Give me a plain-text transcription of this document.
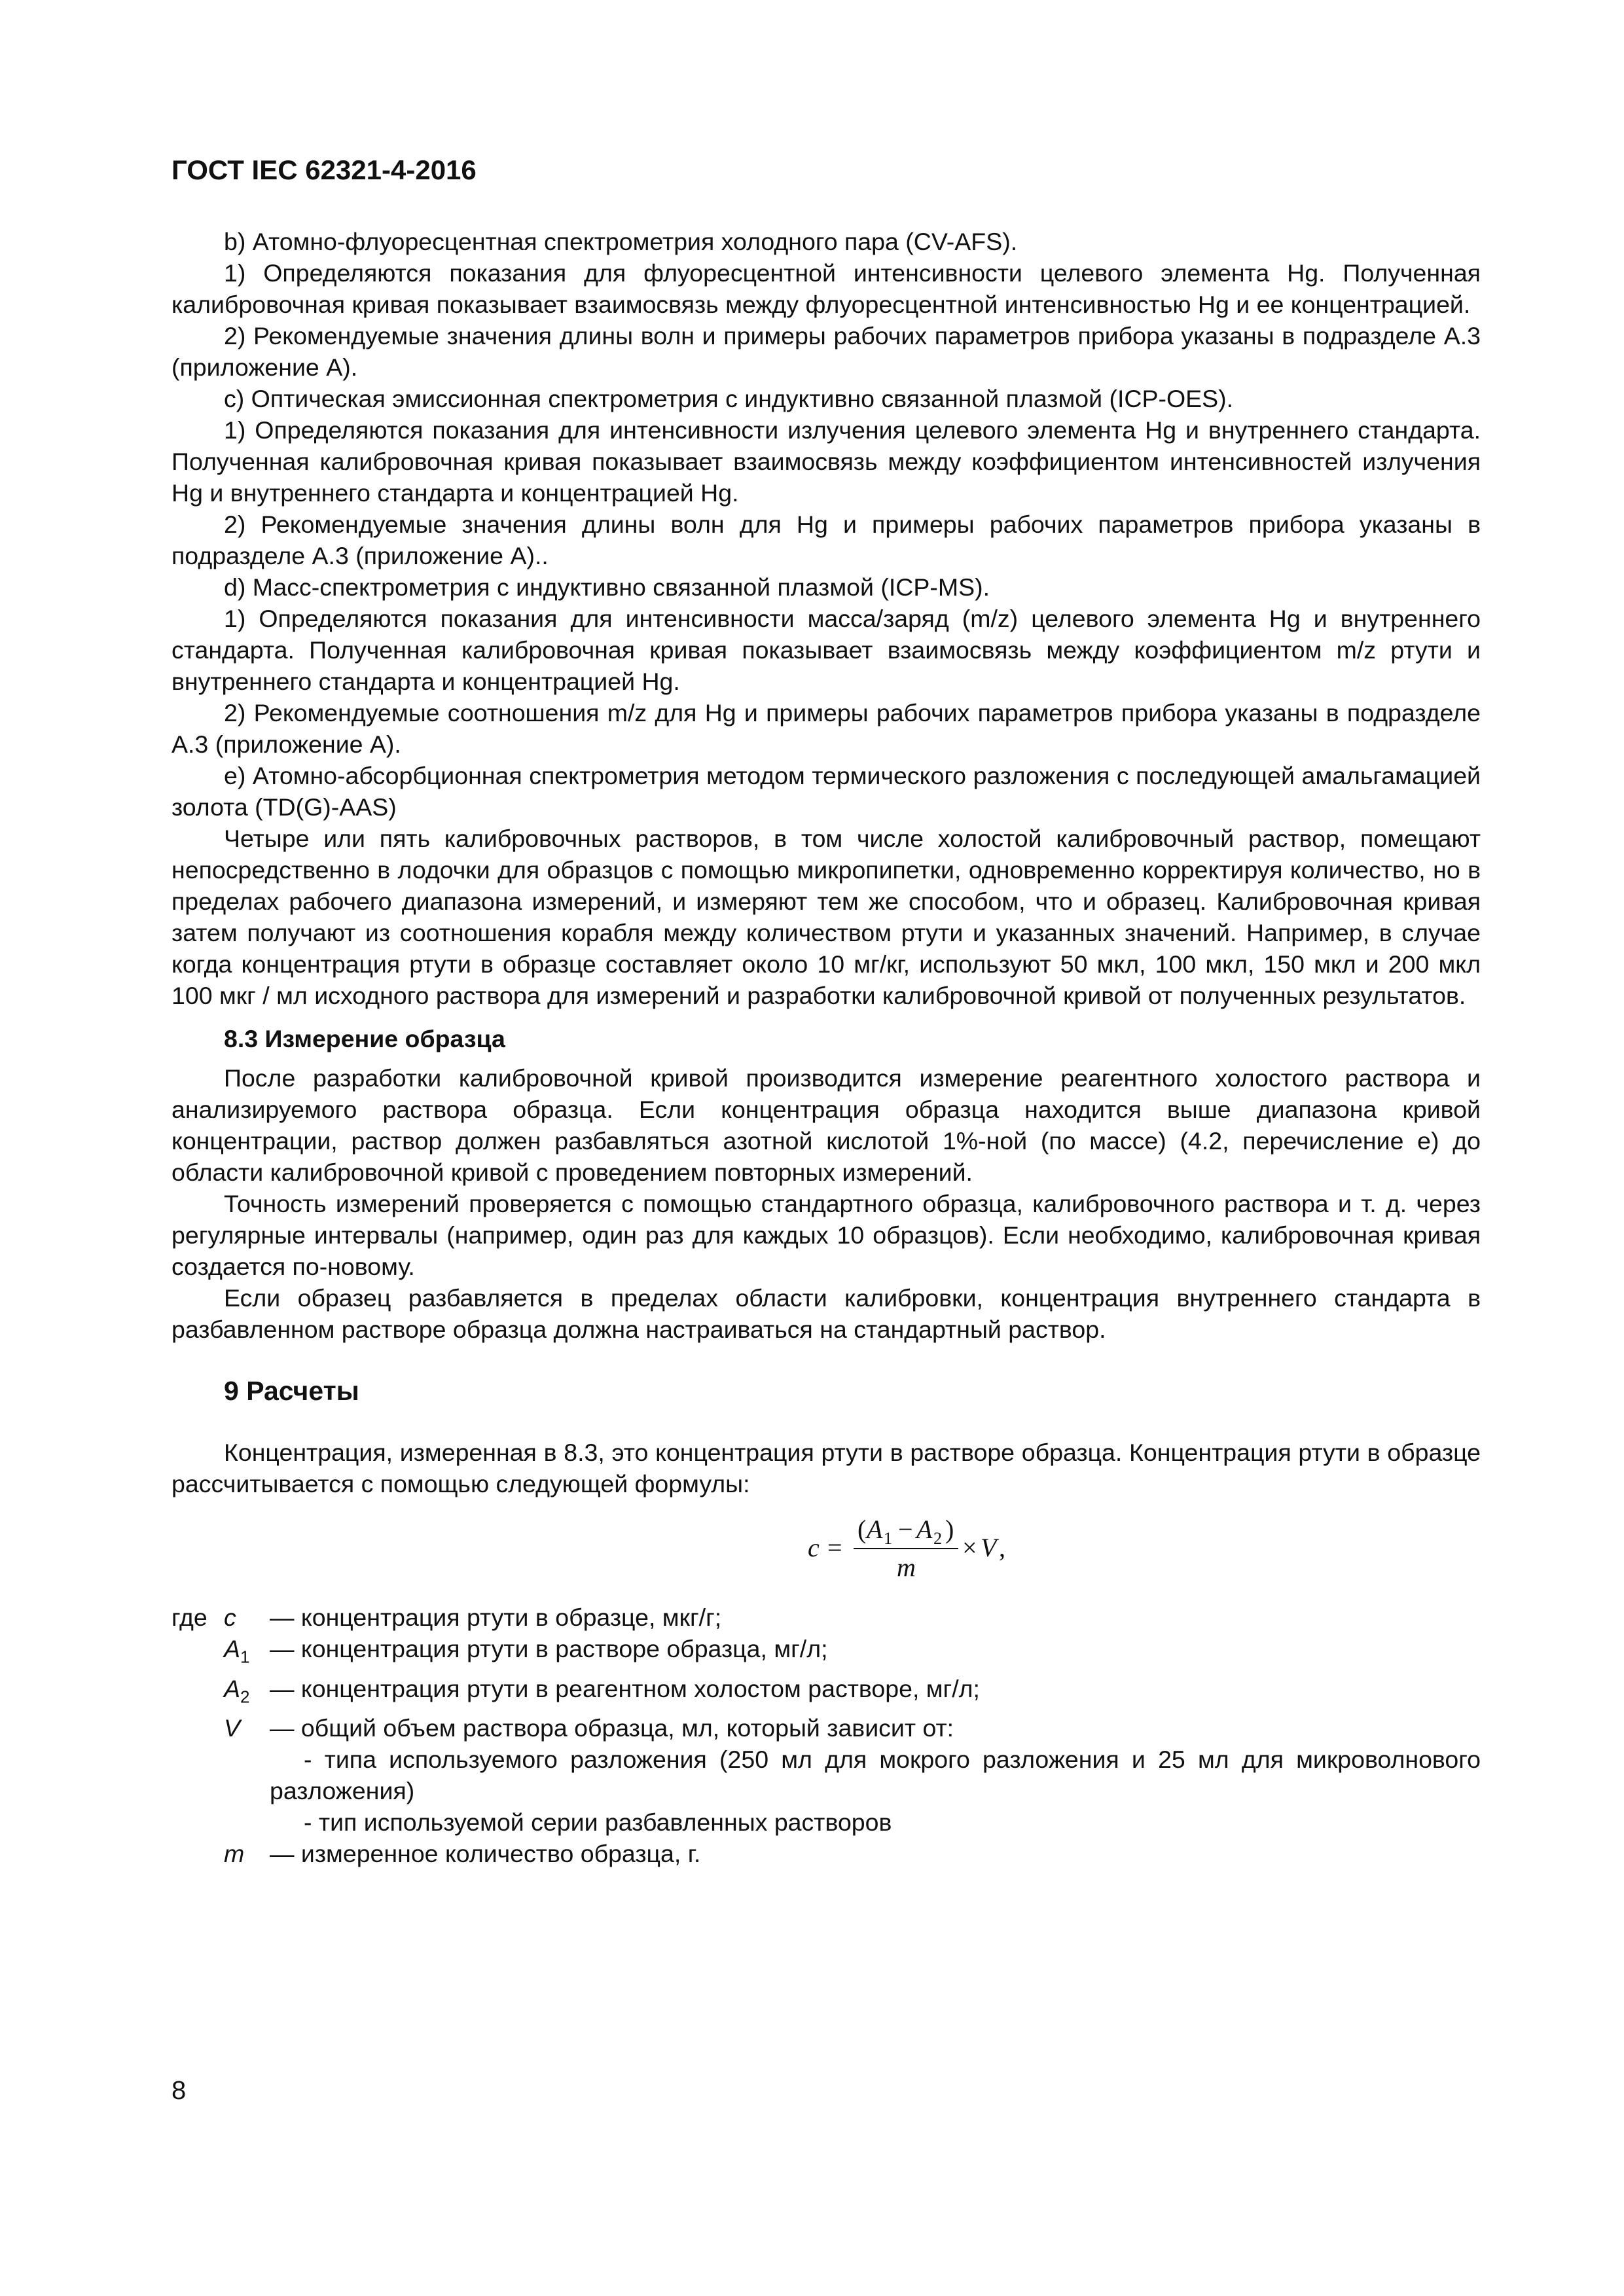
ГОСТ IEC 62321-4-2016

b) Атомно-флуоресцентная спектрометрия холодного пара (CV-AFS).

1) Определяются показания для флуоресцентной интенсивности целевого элемента Hg. Полученная калибровочная кривая показывает взаимосвязь между флуоресцентной интенсивностью Hg и ее концентрацией.

2) Рекомендуемые значения длины волн и примеры рабочих параметров прибора указаны в подразделе A.3 (приложение A).

c) Оптическая эмиссионная спектрометрия с индуктивно связанной плазмой (ICP-OES).

1) Определяются показания для интенсивности излучения целевого элемента Hg и внутреннего стандарта. Полученная калибровочная кривая показывает взаимосвязь между коэффициентом интенсивностей излучения Hg и внутреннего стандарта и концентрацией Hg.

2) Рекомендуемые значения длины волн для Hg и примеры рабочих параметров прибора указаны в подразделе A.3 (приложение A)..

d) Масс-спектрометрия с индуктивно связанной плазмой (ICP-MS).

1) Определяются показания для интенсивности масса/заряд (m/z) целевого элемента Hg и внутреннего стандарта. Полученная калибровочная кривая показывает взаимосвязь между коэффициентом m/z ртути и внутреннего стандарта и концентрацией Hg.

2) Рекомендуемые соотношения m/z для Hg и примеры рабочих параметров прибора указаны в подразделе A.3 (приложение A).

e) Атомно-абсорбционная спектрометрия методом термического разложения с последующей амальгамацией золота (TD(G)-AAS)

Четыре или пять калибровочных растворов, в том числе холостой калибровочный раствор, помещают непосредственно в лодочки для образцов с помощью микропипетки, одновременно корректируя количество, но в пределах рабочего диапазона измерений, и измеряют тем же способом, что и образец. Калибровочная кривая затем получают из соотношения корабля между количеством ртути и указанных значений. Например, в случае когда концентрация ртути в образце составляет около 10 мг/кг, используют 50 мкл, 100 мкл, 150 мкл и 200 мкл 100 мкг / мл исходного раствора для измерений и разработки калибровочной кривой от полученных результатов.

8.3 Измерение образца

После разработки калибровочной кривой производится измерение реагентного холостого раствора и анализируемого раствора образца. Если концентрация образца находится выше диапазона кривой концентрации, раствор должен разбавляться азотной кислотой 1%-ной (по массе) (4.2, перечисление e) до области калибровочной кривой с проведением повторных измерений.

Точность измерений проверяется с помощью стандартного образца, калибровочного раствора и т. д. через регулярные интервалы (например, один раз для каждых 10 образцов). Если необходимо, калибровочная кривая создается по-новому.

Если образец разбавляется в пределах области калибровки, концентрация внутреннего стандарта в разбавленном растворе образца должна настраиваться на стандартный раствор.

9 Расчеты

Концентрация, измеренная в 8.3, это концентрация ртути в растворе образца. Концентрация ртути в образце рассчитывается с помощью следующей формулы:

c =
( A 1 − A 2 )
m
× V ,
где c	— концентрация ртути в образце, мкг/г;
$A_1$ — концентрация ртути в растворе образца, мг/л;
$A_2$ — концентрация ртути в реагентном холостом растворе, мг/л;
V	— общий объем раствора образца, мл, который зависит от:
- типа используемого разложения (250 мл для мокрого разложения и 25 мл для микроволнового разложения)
- тип используемой серии разбавленных растворов
m	— измеренное количество образца, г.
8
